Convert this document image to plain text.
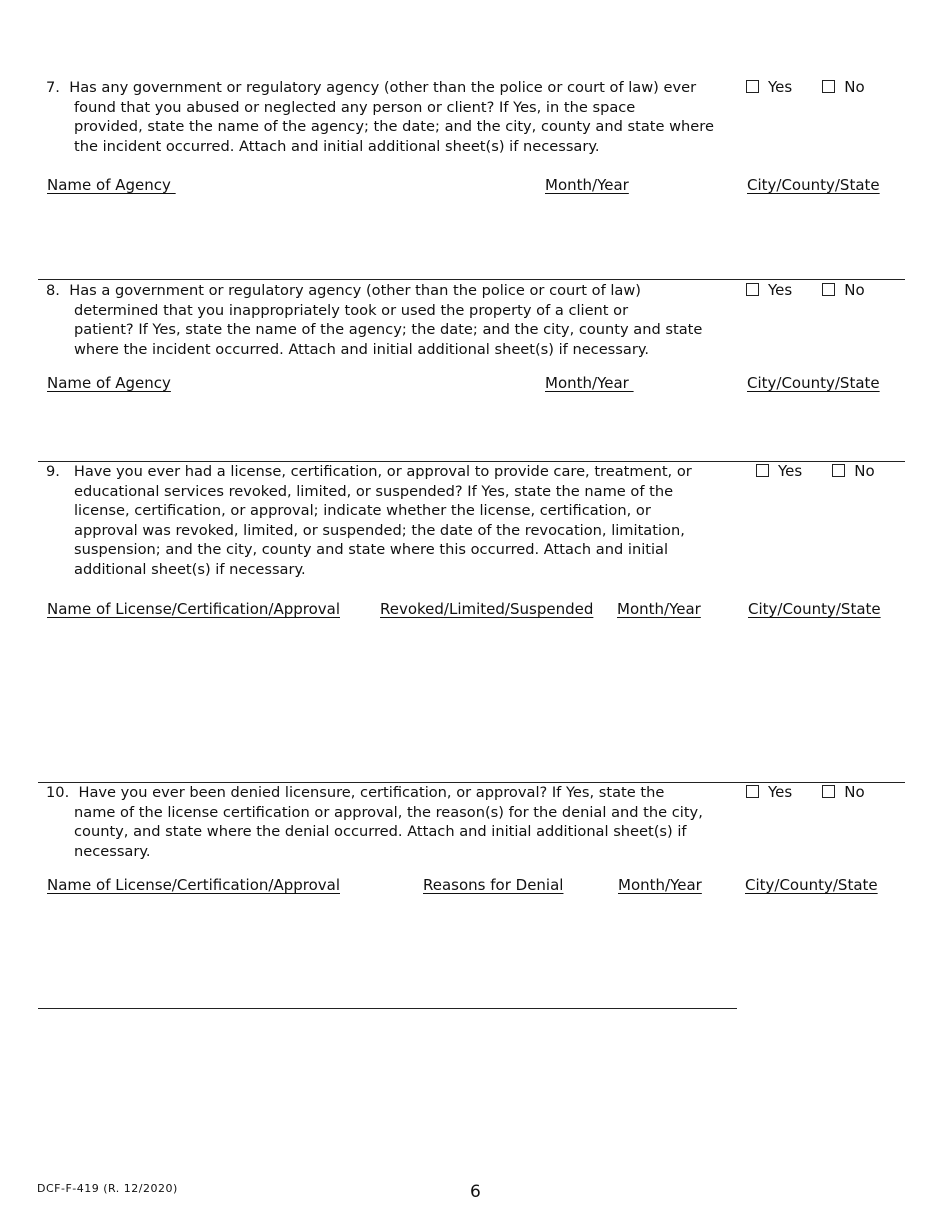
7. Has any government or regulatory agency (other than the police or court of law) ever
found that you abused or neglected any person or client? If Yes, in the space
provided, state the name of the agency; the date; and the city, county and state where
the incident occurred. Attach and initial additional sheet(s) if necessary.
Yes	No
Name of Agency	Month/Year	City/County/State
8. Has a government or regulatory agency (other than the police or court of law)
determined that you inappropriately took or used the property of a client or
patient? If Yes, state the name of the agency; the date; and the city, county and state
where the incident occurred. Attach and initial additional sheet(s) if necessary.
Yes	No
Name of Agency	Month/Year	City/County/State
9. Have you ever had a license, certification, or approval to provide care, treatment, or
educational services revoked, limited, or suspended? If Yes, state the name of the
license, certification, or approval; indicate whether the license, certification, or
approval was revoked, limited, or suspended; the date of the revocation, limitation,
suspension; and the city, county and state where this occurred. Attach and initial
additional sheet(s) if necessary.
Yes	No
Name of License/Certification/Approval	Revoked/Limited/Suspended Month/Year	City/County/State
10. Have you ever been denied licensure, certification, or approval? If Yes, state the
name of the license certification or approval, the reason(s) for the denial and the city,
county, and state where the denial occurred. Attach and initial additional sheet(s) if
necessary.
Yes	No
Name of License/Certification/Approval	Reasons for Denial	Month/Year	City/County/State
DCF-F-419 (R. 12/2020)	6
